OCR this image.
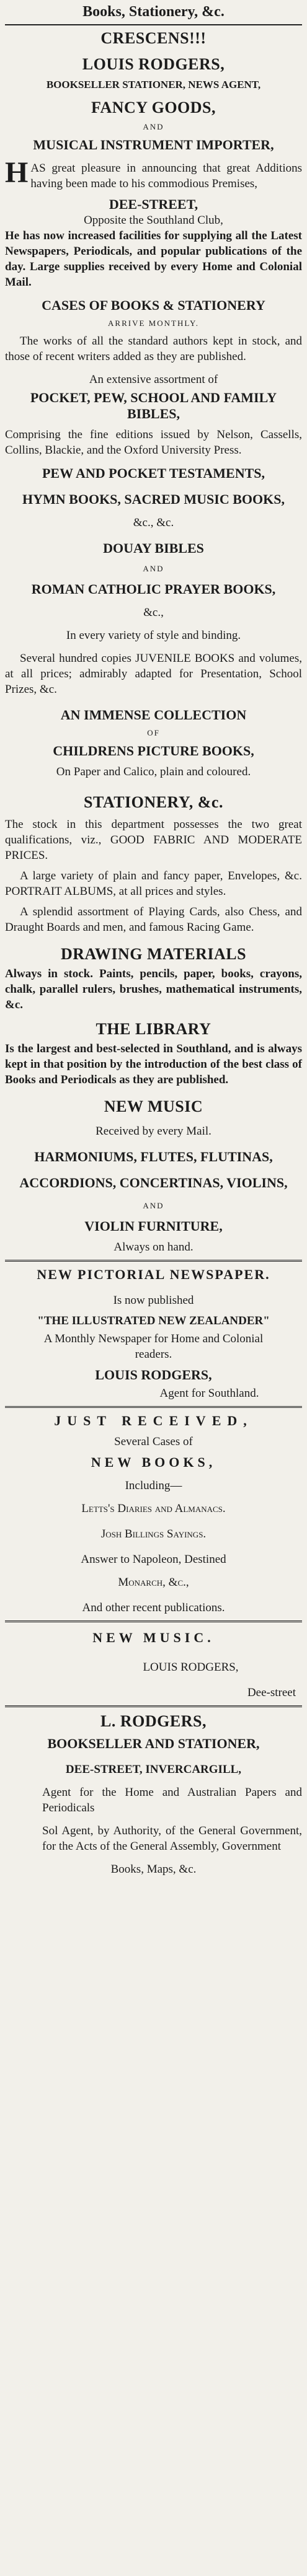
Books, Stationery, &c.
CRESCENS!!!
LOUIS RODGERS,
BOOKSELLER STATIONER, NEWS AGENT,
FANCY GOODS,
AND
MUSICAL INSTRUMENT IMPORTER,

HAS great pleasure in announcing that great Additions having been made to his commodious Premises,

DEE-STREET,
Opposite the Southland Club,

He has now increased facilities for supplying all the Latest Newspapers, Periodicals, and popular publications of the day. Large supplies received by every Home and Colonial Mail.

CASES OF BOOKS & STATIONERY
ARRIVE MONTHLY.

The works of all the standard authors kept in stock, and those of recent writers added as they are published.

An extensive assortment of
POCKET, PEW, SCHOOL AND FAMILY BIBLES,

Comprising the fine editions issued by Nelson, Cassells, Collins, Blackie, and the Oxford University Press.

PEW AND POCKET TESTAMENTS,
HYMN BOOKS, SACRED MUSIC BOOKS,
&c., &c.
DOUAY BIBLES
AND
ROMAN CATHOLIC PRAYER BOOKS,
&c.,
In every variety of style and binding.

Several hundred copies JUVENILE BOOKS and volumes, at all prices; admirably adapted for Presentation, School Prizes, &c.

AN IMMENSE COLLECTION
OF
CHILDRENS PICTURE BOOKS,
On Paper and Calico, plain and coloured.
STATIONERY, &c.

The stock in this department possesses the two great qualifications, viz., GOOD FABRIC AND MODERATE PRICES.

A large variety of plain and fancy paper, Envelopes, &c. PORTRAIT ALBUMS, at all prices and styles.

A splendid assortment of Playing Cards, also Chess, and Draught Boards and men, and famous Racing Game.

DRAWING MATERIALS

Always in stock. Paints, pencils, paper, books, crayons, chalk, parallel rulers, brushes, mathematical instruments, &c.

THE LIBRARY

Is the largest and best-selected in Southland, and is always kept in that position by the introduction of the best class of Books and Periodicals as they are published.

NEW MUSIC
Received by every Mail.
HARMONIUMS, FLUTES, FLUTINAS,
ACCORDIONS, CONCERTINAS, VIOLINS,
AND
VIOLIN FURNITURE,
Always on hand.
NEW PICTORIAL NEWSPAPER.
Is now published
"THE ILLUSTRATED NEW ZEALANDER"
A Monthly Newspaper for Home and Colonial readers.
LOUIS RODGERS,
Agent for Southland.
JUST RECEIVED,
Several Cases of
NEW BOOKS,
Including—
Letts's Diaries and Almanacs.
Josh Billings Sayings.
Answer to Napoleon, Destined
Monarch, &c.,
And other recent publications.
NEW MUSIC.
LOUIS RODGERS,
Dee-street
L. RODGERS,
BOOKSELLER AND STATIONER,
DEE-STREET, INVERCARGILL,

Agent for the Home and Australian Papers and Periodicals

Sol Agent, by Authority, of the General Government, for the Acts of the General Assembly, Government

Books, Maps, &c.
